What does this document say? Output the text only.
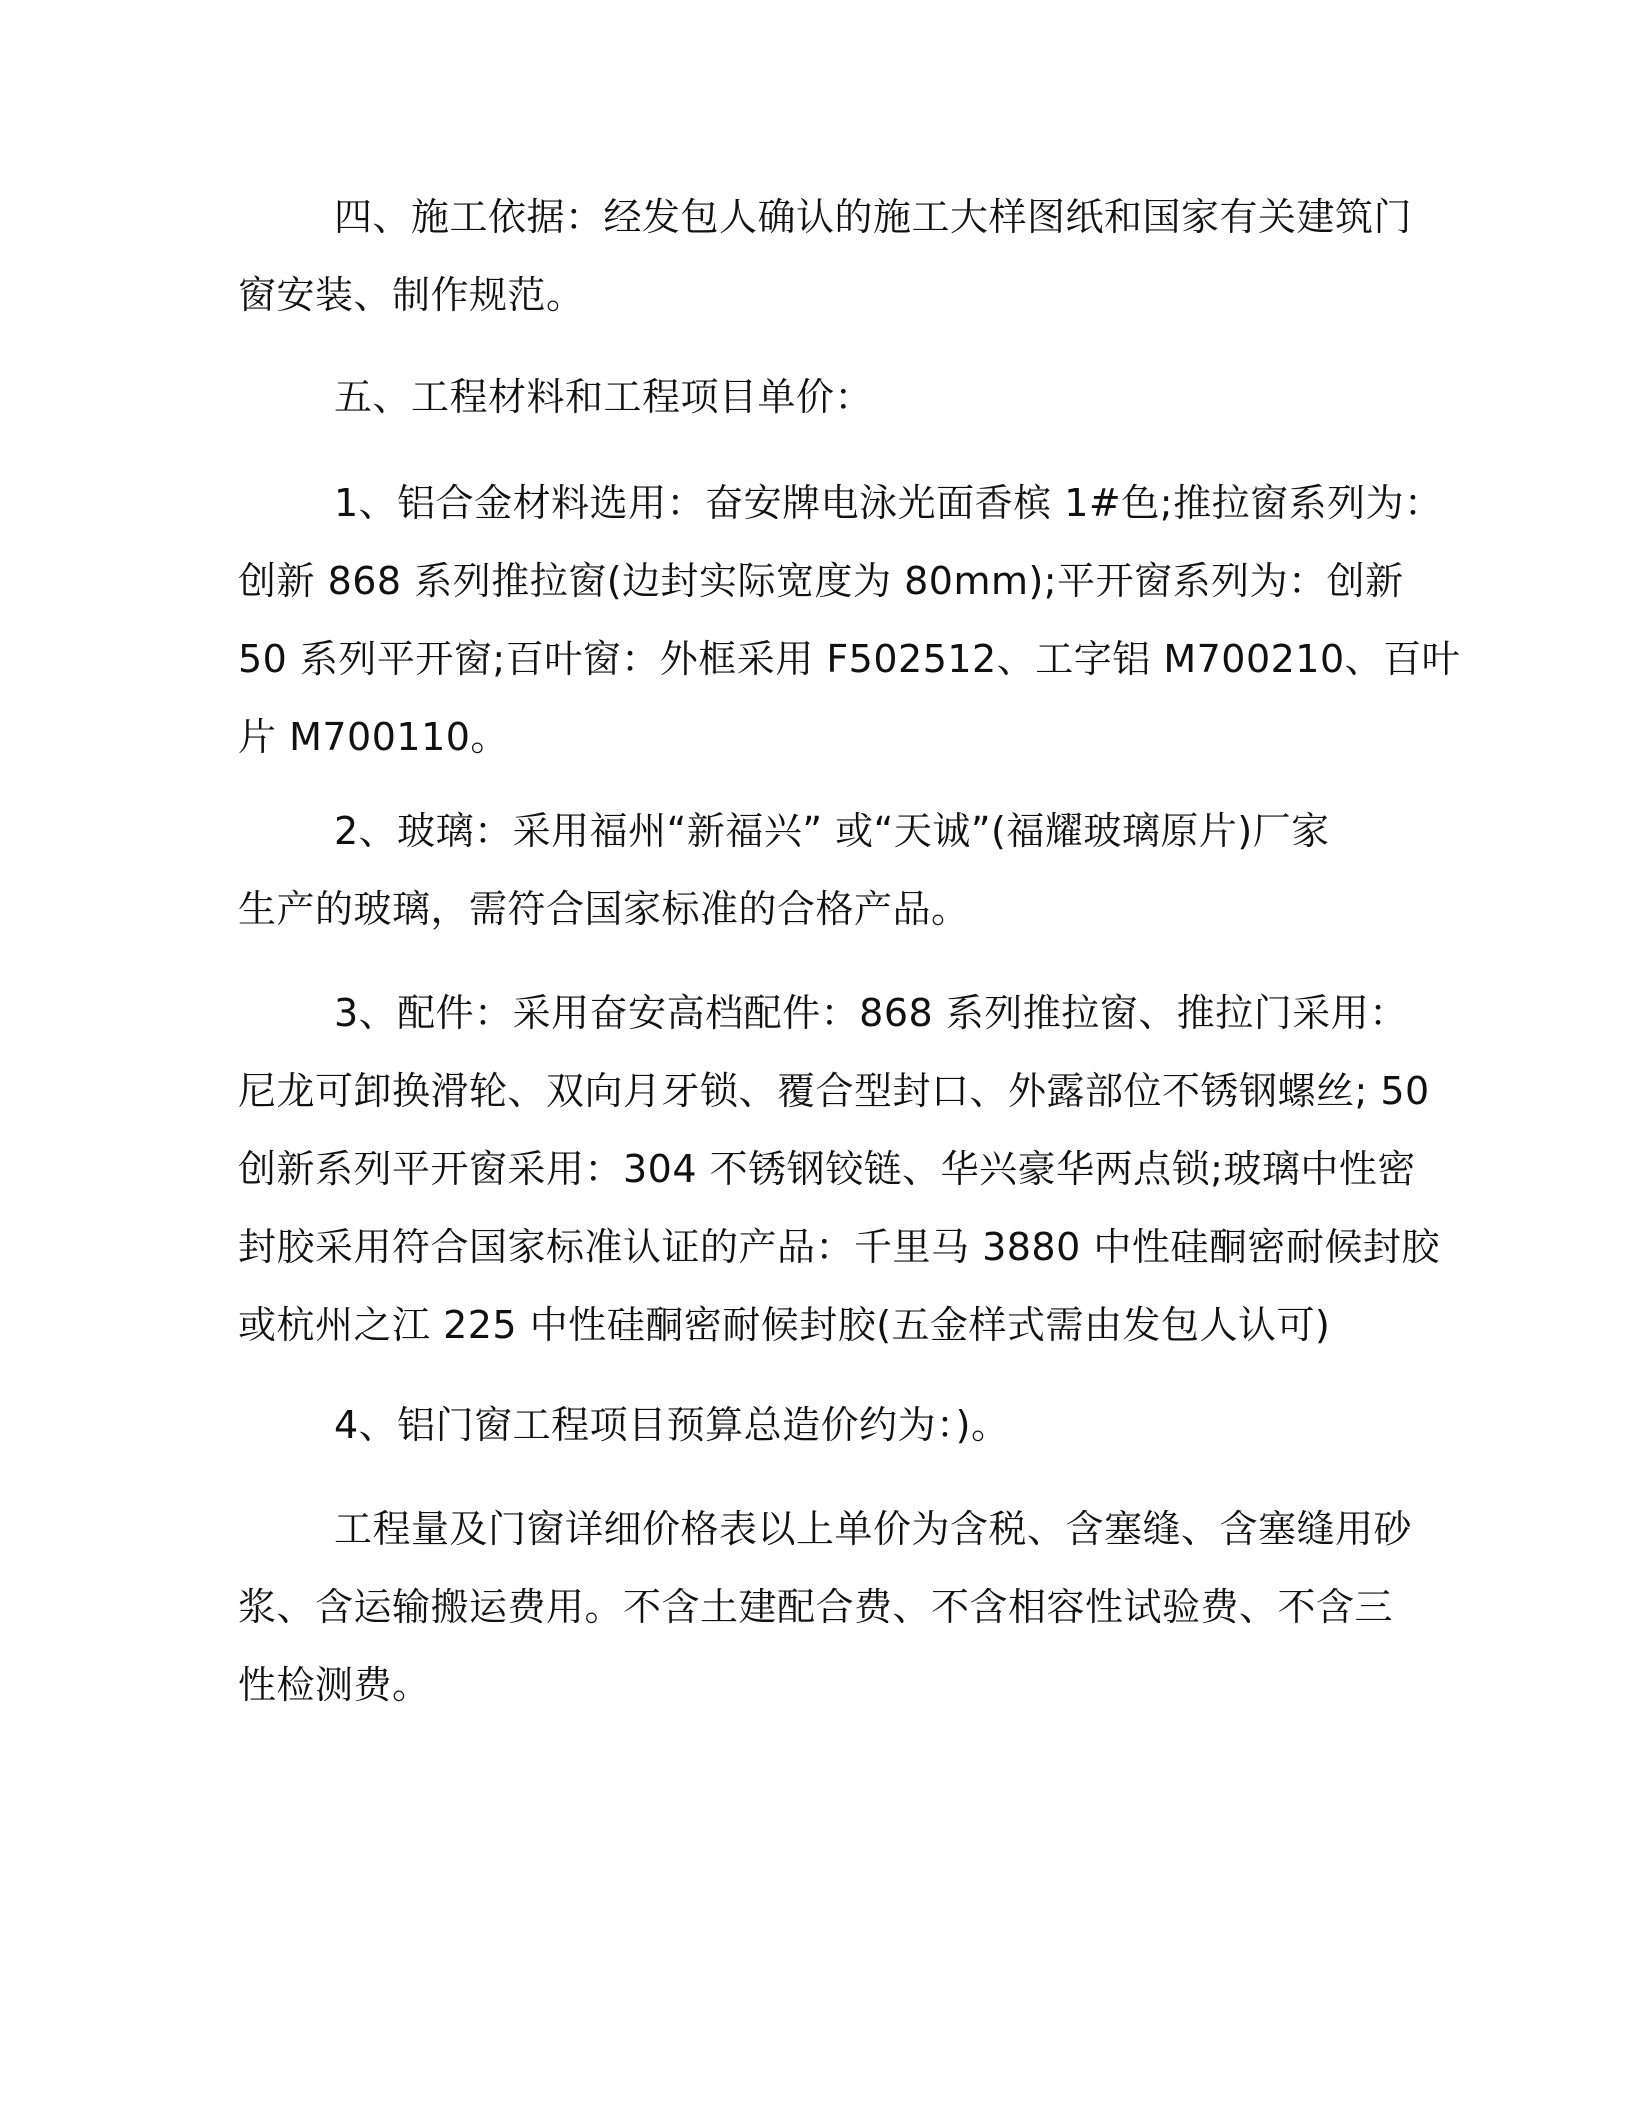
四、施工依据：经发包人确认的施工大样图纸和国家有关建筑门
窗安装、制作规范。

五、工程材料和工程项目单价：

1、铝合金材料选用：奋安牌电泳光面香槟 1#色;推拉窗系列为：
创新 868 系列推拉窗(边封实际宽度为 80mm);平开窗系列为：创新
50 系列平开窗;百叶窗：外框采用 F502512、工字铝 M700210、百叶
片 M700110。

2、玻璃：采用福州“新福兴” 或“天诚”(福耀玻璃原片)厂家
生产的玻璃，需符合国家标准的合格产品。

3、配件：采用奋安高档配件：868 系列推拉窗、推拉门采用：
尼龙可卸换滑轮、双向月牙锁、覆合型封口、外露部位不锈钢螺丝; 50
创新系列平开窗采用：304 不锈钢铰链、华兴豪华两点锁;玻璃中性密
封胶采用符合国家标准认证的产品：千里马 3880 中性硅酮密耐候封胶
或杭州之江 225 中性硅酮密耐候封胶(五金样式需由发包人认可)

4、铝门窗工程项目预算总造价约为：)。

工程量及门窗详细价格表以上单价为含税、含塞缝、含塞缝用砂
浆、含运输搬运费用。不含土建配合费、不含相容性试验费、不含三
性检测费。
